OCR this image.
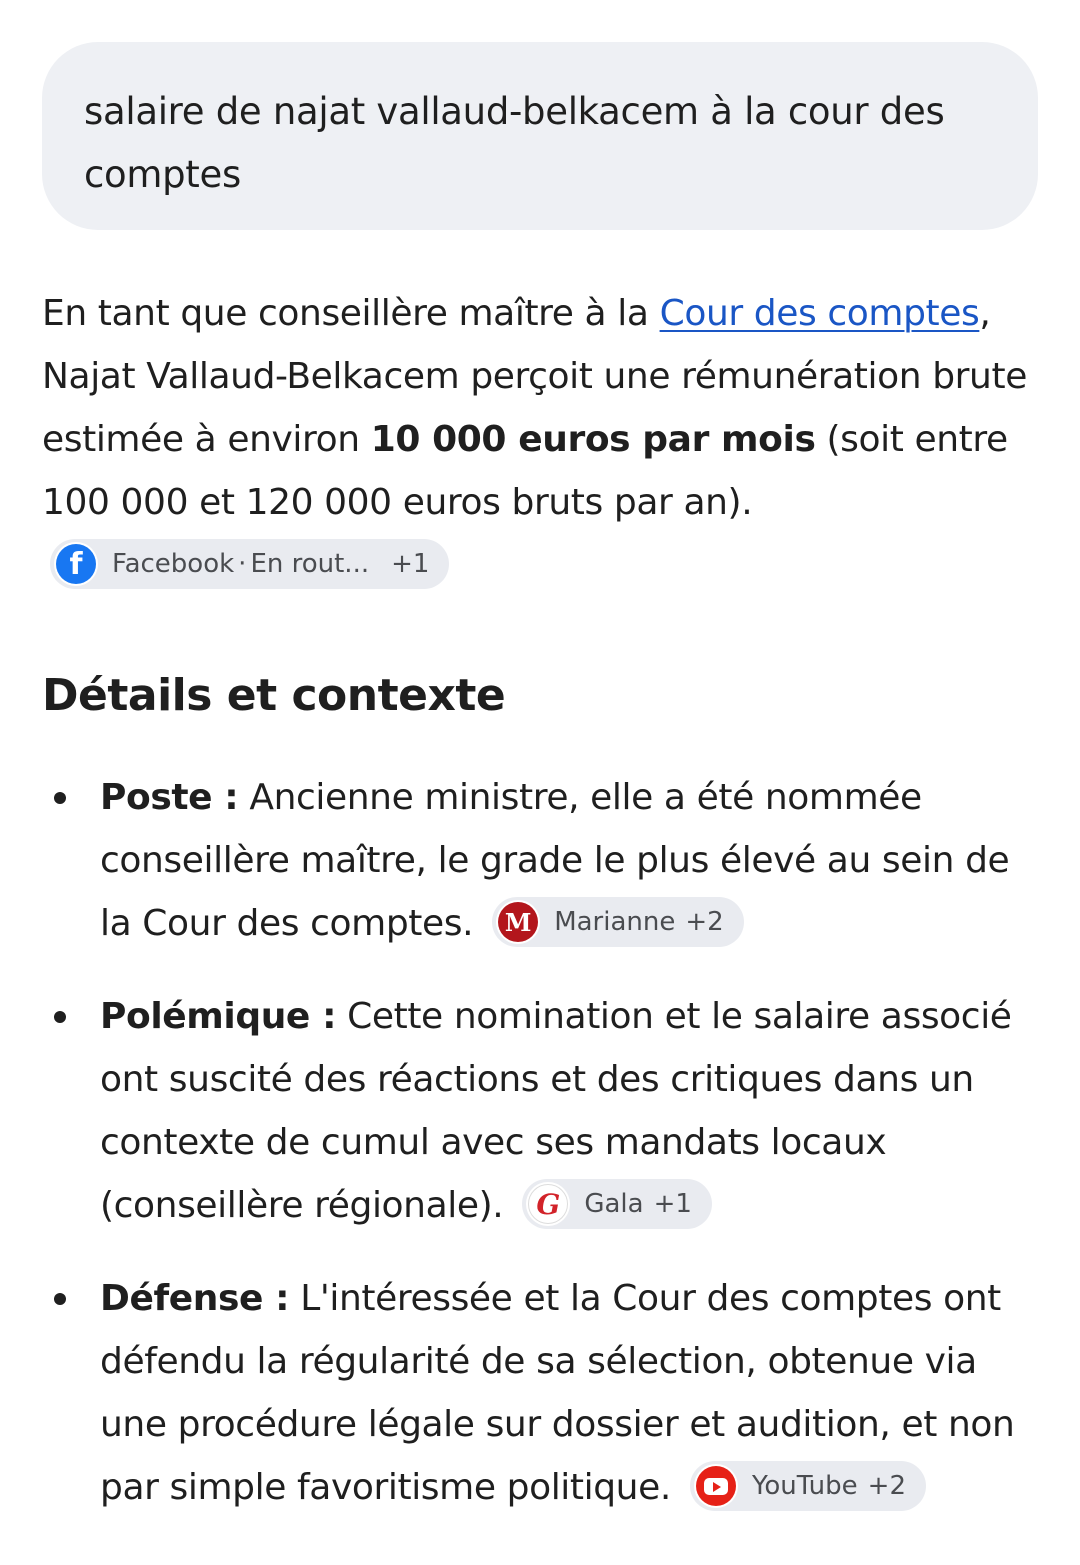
salaire de najat vallaud-belkacem à la cour des comptes

En tant que conseillère maître à la Cour des comptes, Najat Vallaud-Belkacem perçoit une rémunération brute estimée à environ 10 000 euros par mois (soit entre 100 000 et 120 000 euros bruts par an).
f	Facebook · En rout... +1

Détails et contexte
Poste : Ancienne ministre, elle a été nommée conseillère maître, le grade le plus élevé au sein de la Cour des comptes. M Marianne +2
Polémique : Cette nomination et le salaire associé ont suscité des réactions et des critiques dans un contexte de cumul avec ses mandats locaux (conseillère régionale). G Gala +1
Défense : L'intéressée et la Cour des comptes ont défendu la régularité de sa sélection, obtenue via une procédure légale sur dossier et audition, et non par simple favoritisme politique.	YouTube +2
